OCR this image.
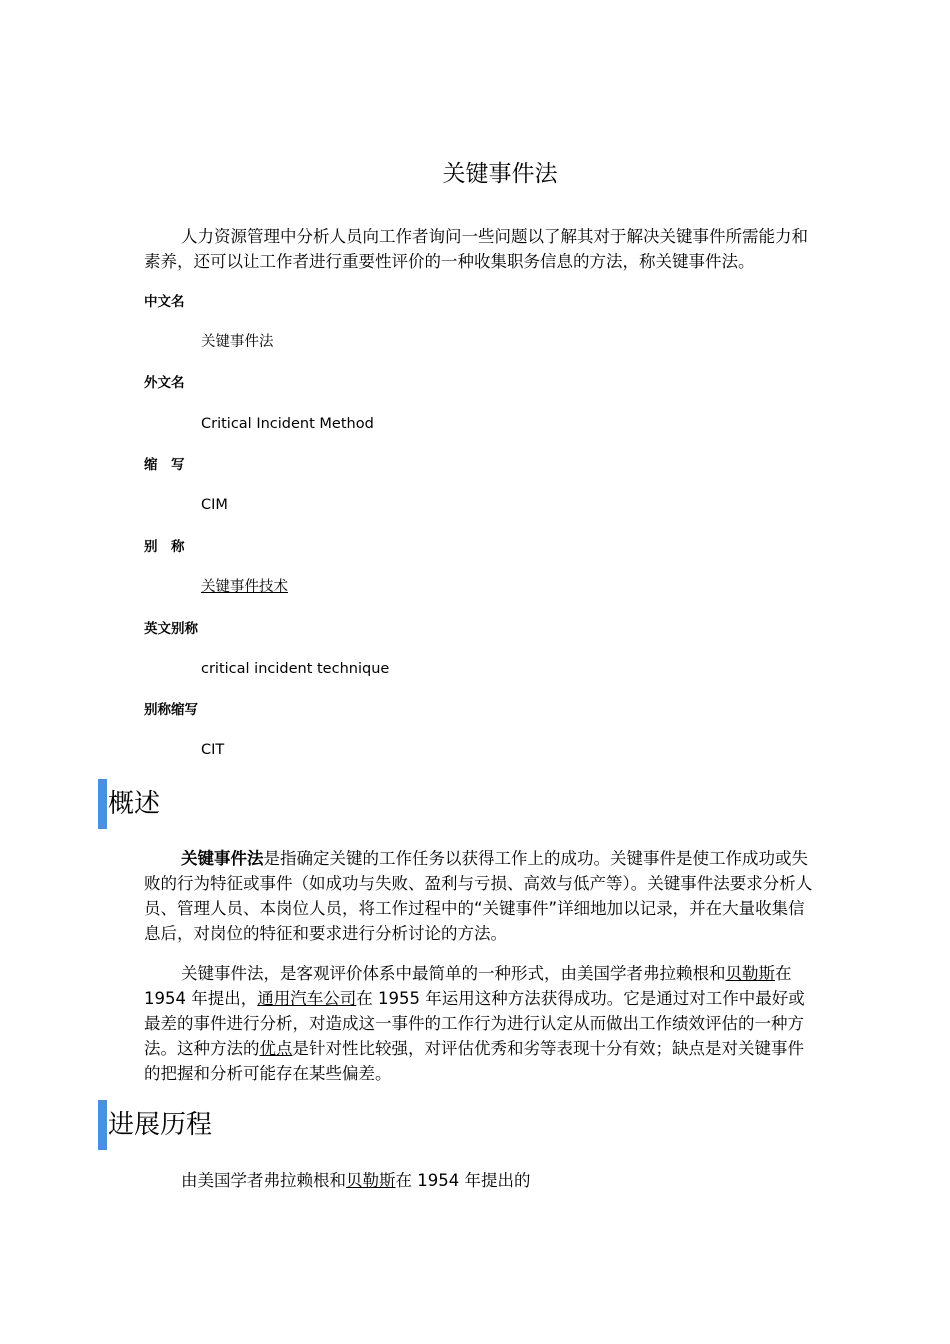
关键事件法

人力资源管理中分析人员向工作者询问一些问题以了解其对于解决关键事件所需能力和素养，还可以让工作者进行重要性评价的一种收集职务信息的方法，称关键事件法。

中文名
关键事件法
外文名
Critical Incident Method
缩　写
CIM
别　称
关键事件技术
英文别称
critical incident technique
别称缩写
CIT
概述

关键事件法是指确定关键的工作任务以获得工作上的成功。关键事件是使工作成功或失败的行为特征或事件（如成功与失败、盈利与亏损、高效与低产等）。关键事件法要求分析人员、管理人员、本岗位人员，将工作过程中的“关键事件”详细地加以记录，并在大量收集信息后，对岗位的特征和要求进行分析讨论的方法。

关键事件法，是客观评价体系中最简单的一种形式，由美国学者弗拉赖根和贝勒斯在 1954 年提出，通用汽车公司在 1955 年运用这种方法获得成功。它是通过对工作中最好或最差的事件进行分析，对造成这一事件的工作行为进行认定从而做出工作绩效评估的一种方法。这种方法的优点是针对性比较强，对评估优秀和劣等表现十分有效；缺点是对关键事件的把握和分析可能存在某些偏差。

进展历程

由美国学者弗拉赖根和贝勒斯在 1954 年提出的
